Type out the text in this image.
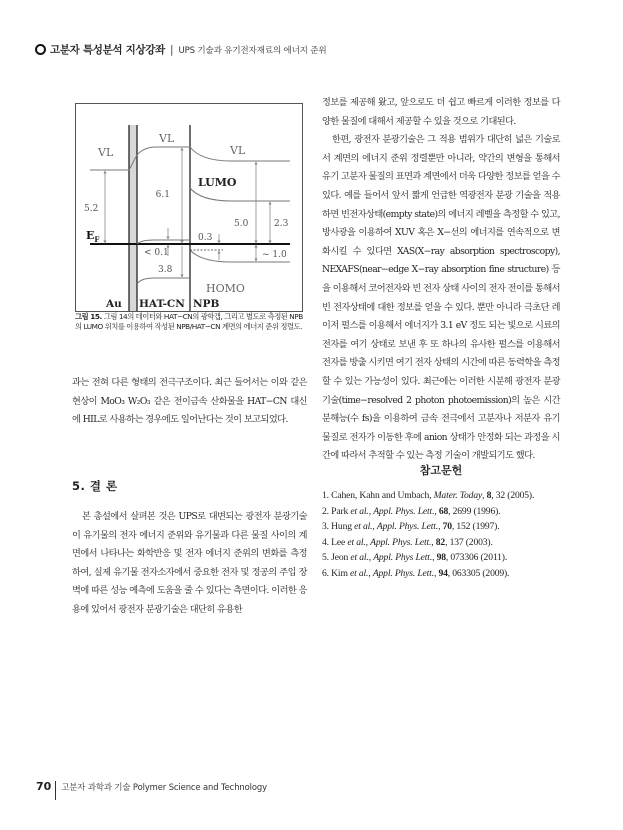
고분자 특성분석 지상강좌 | UPS 기술과 유기전자재료의 에너지 준위
VL
VL
VL
HOMO
LUMO
$E_F$
5.2
6.1
< 0.1
3.8
0.3
5.0	2.3
~ 1.0
Au HAT-CN NPB
그림 15. 그림 14의 데이터와 HAT−CN의 광학갭, 그리고 별도로 측정된 NPB의 LUMO 위치를 이용하여 작성된 NPB/HAT−CN 계면의 에너지 준위 정렬도.

과는 전혀 다른 형태의 전극구조이다. 최근 들어서는 이와 같은 현상이 MoO₃ W₂O₃ 같은 전이금속 산화물을 HAT−CN 대신에 HIL로 사용하는 경우에도 일어난다는 것이 보고되었다.

5. 결 론

본 총설에서 살펴본 것은 UPS로 대변되는 광전자 분광기술이 유기물의 전자 에너지 준위와 유기물과 다른 물질 사이의 계면에서 나타나는 화학반응 및 전자 에너지 준위의 변화를 측정하여, 실제 유기물 전자소자에서 중요한 전자 및 정공의 주입 장벽에 따른 성능 예측에 도움을 줄 수 있다는 측면이다. 이러한 응용에 있어서 광전자 분광기술은 대단히 유용한

정보를 제공해 왔고, 앞으로도 더 쉽고 빠르게 이러한 정보를 다양한 물질에 대해서 제공할 수 있을 것으로 기대된다.

한편, 광전자 분광기술은 그 적용 범위가 대단히 넓은 기술로서 계면의 에너지 준위 정렬뿐만 아니라, 약간의 변형을 통해서 유기 고분자 물질의 표면과 계면에서 더욱 다양한 정보를 얻을 수 있다. 예를 들어서 앞서 짧게 언급한 역광전자 분광 기술을 적용하면 빈전자상태(empty state)의 에너지 레벨을 측정할 수 있고, 방사광을 이용하여 XUV 혹은 X−선의 에너지를 연속적으로 변화시킬 수 있다면 XAS(X−ray absorption spectroscopy), NEXAFS(near−edge X−ray absorption fine structure) 등을 이용해서 코어전자와 빈 전자 상태 사이의 전자 전이를 통해서 빈 전자상태에 대한 정보를 얻을 수 있다. 뿐만 아니라 극초단 레이저 펄스를 이용해서 에너지가 3.1 eV 정도 되는 빛으로 시료의 전자를 여기 상태로 보낸 후 또 하나의 유사한 펄스를 이용해서 전자를 방출 시키면 여기 전자 상태의 시간에 따른 동력학을 측정할 수 있는 가능성이 있다. 최근에는 이러한 시분해 광전자 분광기술(time−resolved 2 photon photoemission)의 높은 시간 분해능(수 fs)을 이용하여 금속 전극에서 고분자나 저분자 유기 물질로 전자가 이동한 후에 anion 상태가 안정화 되는 과정을 시간에 따라서 추적할 수 있는 측정 기술이 개발되기도 했다.

참고문헌
1. Cahen, Kahn and Umbach, Mater. Today, 8, 32 (2005).
2. Park et al., Appl. Phys. Lett., 68, 2699 (1996).
3. Hung et al., Appl. Phys. Lett., 70, 152 (1997).
4. Lee et al., Appl. Phys. Lett., 82, 137 (2003).
5. Jeon et al., Appl. Phys Lett., 98, 073306 (2011).
6. Kim et al., Appl. Phys. Lett., 94, 063305 (2009).
70 고분자 과학과 기술 Polymer Science and Technology
